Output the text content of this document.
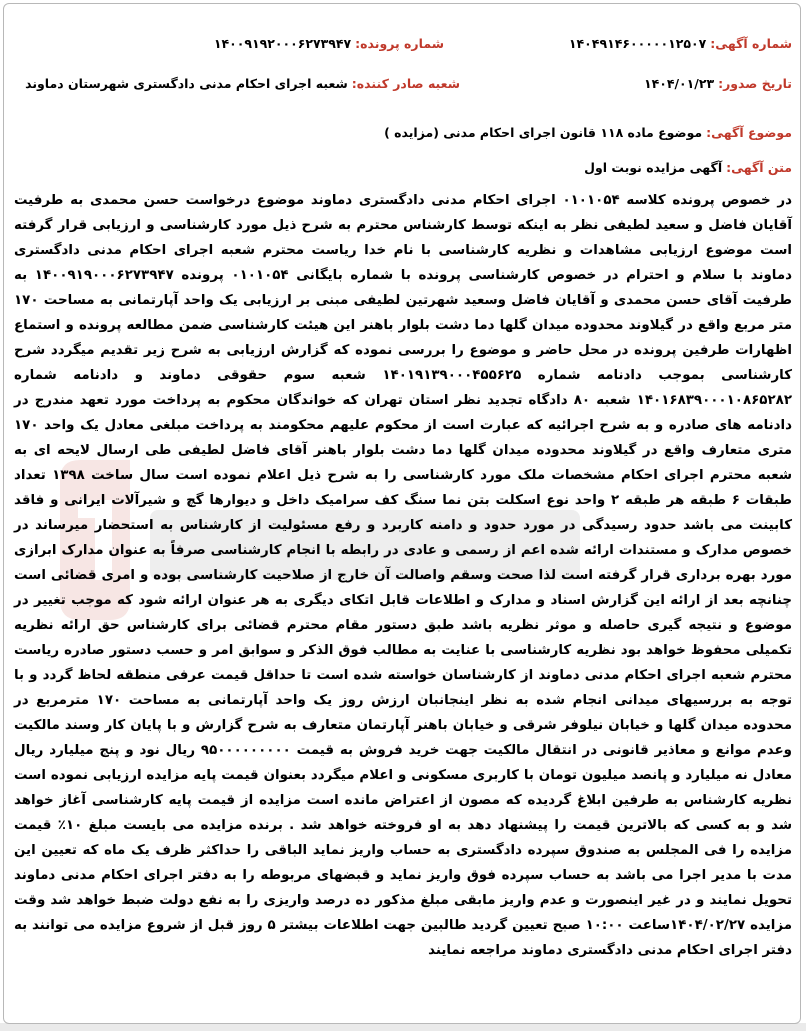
شماره آگهی: ۱۴۰۴۹۱۴۶۰۰۰۰۰۱۲۵۰۷
شماره پرونده: ۱۴۰۰۹۱۹۲۰۰۰۶۲۷۳۹۴۷
تاریخ صدور: ۱۴۰۴/۰۱/۲۳
شعبه صادر کننده: شعبه اجرای احکام مدنی دادگستری شهرستان دماوند
موضوع آگهی: موضوع ماده ۱۱۸ قانون اجرای احکام مدنی (مزایده )
متن آگهی: آگهی مزایده نوبت اول
در خصوص پرونده کلاسه ۰۱۰۱۰۵۴ اجرای احکام مدنی دادگستری دماوند موضوع درخواست حسن محمدی به طرفیت آقایان فاضل و سعید لطیفی نظر به اینکه توسط کارشناس محترم به شرح ذیل مورد کارشناسی و ارزیابی قرار گرفته است موضوع ارزیابی مشاهدات و نظریه کارشناسی با نام خدا ریاست محترم شعبه اجرای احکام مدنی دادگستری دماوند با سلام و احترام در خصوص کارشناسی پرونده با شماره بایگانی ۰۱۰۱۰۵۴ پرونده ۱۴۰۰۹۱۹۰۰۰۶۲۷۳۹۴۷ به طرفیت آقای حسن محمدی و آقایان فاضل وسعید شهرتین لطیفی مبنی بر ارزیابی یک واحد آپارتمانی به مساحت ۱۷۰ متر مربع واقع در گیلاوند محدوده میدان گلها دما دشت بلوار باهنر این هیئت کارشناسی ضمن مطالعه پرونده و استماع اظهارات طرفین پرونده در محل حاضر و موضوع را بررسی نموده که گزارش ارزیابی به شرح زیر تقدیم میگردد شرح کارشناسی بموجب دادنامه شماره ۱۴۰۱۹۱۳۹۰۰۰۴۵۵۶۲۵ شعبه سوم حقوقی دماوند و دادنامه شماره ۱۴۰۱۶۸۳۹۰۰۰۱۰۸۶۵۲۸۲ شعبه ۸۰ دادگاه تجدید نظر استان تهران که خواندگان محکوم به پرداخت مورد تعهد مندرج در دادنامه های صادره و به شرح اجرائیه که عبارت است از محکوم علیهم محکومند به پرداخت مبلغی معادل یک واحد ۱۷۰ متری متعارف واقع در گیلاوند محدوده میدان گلها دما دشت بلوار باهنر آقای فاضل لطیفی طی ارسال لایحه ای به شعبه محترم اجرای احکام مشخصات ملک مورد کارشناسی را به شرح ذیل اعلام نموده است سال ساخت ۱۳۹۸ تعداد طبقات ۶ طبقه هر طبقه ۲ واحد نوع اسکلت بتن نما سنگ کف سرامیک داخل و دیوارها گچ و شیرآلات ایرانی و فاقد کابینت می باشد حدود رسیدگی در مورد حدود و دامنه کاربرد و رفع مسئولیت از کارشناس به استحضار میرساند در خصوص مدارک و مستندات ارائه شده اعم از رسمی و عادی در رابطه با انجام کارشناسی صرفاً به عنوان مدارک ابرازی مورد بهره برداری قرار گرفته است لذا صحت وسقم واصالت آن خارج از صلاحیت کارشناسی بوده و امری قضائی است چنانچه بعد از ارائه این گزارش اسناد و مدارک و اطلاعات قابل اتکای دیگری به هر عنوان ارائه شود که موجب تغییر در موضوع و نتیجه گیری حاصله و موثر نظریه باشد طبق دستور مقام محترم قضائی برای کارشناس حق ارائه نظریه تکمیلی محفوظ خواهد بود نظریه کارشناسی با عنایت به مطالب فوق الذکر و سوابق امر و حسب دستور صادره ریاست محترم شعبه اجرای احکام مدنی دماوند از کارشناسان خواسته شده است تا حداقل قیمت عرفی منطقه لحاظ گردد و با توجه به بررسیهای میدانی انجام شده به نظر اینجانبان ارزش روز یک واحد آپارتمانی به مساحت ۱۷۰ مترمربع در محدوده میدان گلها و خیابان نیلوفر شرقی و خیابان باهنر آپارتمان متعارف به شرح گزارش و با پایان کار وسند مالکیت وعدم موانع و معاذیر قانونی در انتقال مالکیت جهت خرید فروش به قیمت ۹۵۰۰۰۰۰۰۰۰۰ ریال نود و پنج میلیارد ریال معادل نه میلیارد و پانصد میلیون تومان با کاربری مسکونی و اعلام میگردد بعنوان قیمت پایه مزایده ارزیابی نموده است نظریه کارشناس به طرفین ابلاغ گردیده که مصون از اعتراض مانده است مزایده از قیمت پایه کارشناسی آغاز خواهد شد و به کسی که بالاترین قیمت را پیشنهاد دهد به او فروخته خواهد شد . برنده مزایده می بایست مبلغ ۱۰٪ قیمت مزایده را فی المجلس به صندوق سپرده دادگستری به حساب واریز نماید الباقی را حداکثر ظرف یک ماه که تعیین این مدت با مدیر اجرا می باشد به حساب سپرده فوق واریز نماید و قبضهای مربوطه را به دفتر اجرای احکام مدنی دماوند تحویل نمایند و در غیر اینصورت و عدم واریز مابقی مبلغ مذکور ده درصد واریزی را به نفع دولت ضبط خواهد شد وقت مزایده ۱۴۰۴/۰۲/۲۷ساعت ۱۰:۰۰ صبح تعیین گردید طالبین جهت اطلاعات بیشتر ۵ روز قبل از شروع مزایده می توانند به دفتر اجرای احکام مدنی دادگستری دماوند مراجعه نمایند
